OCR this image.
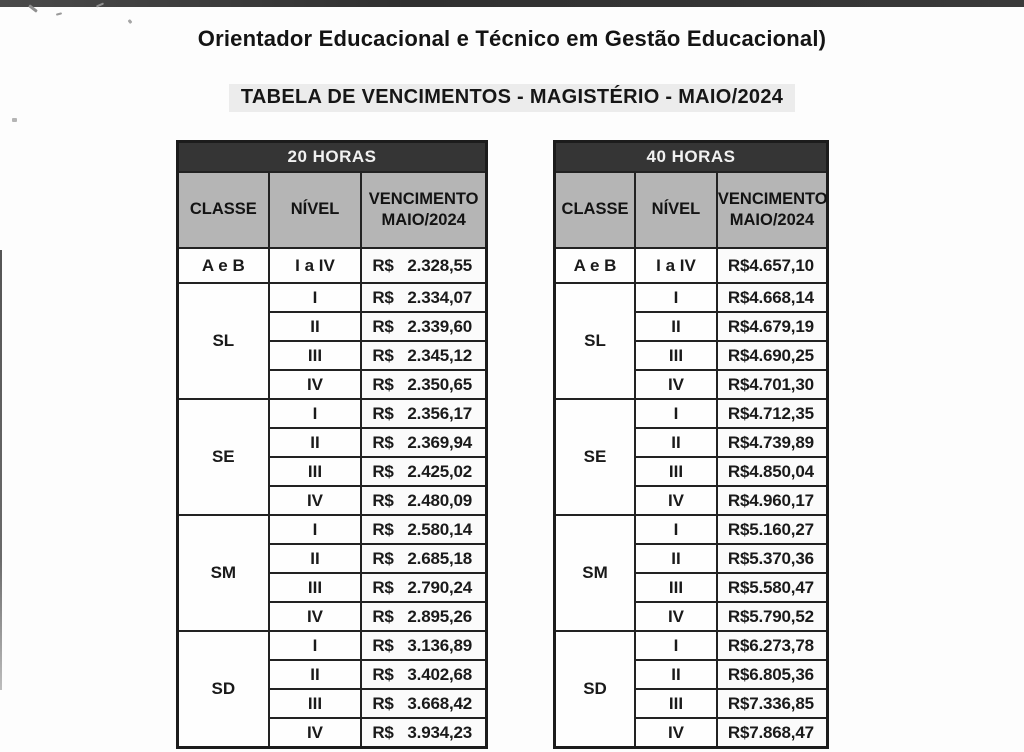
Orientador Educacional e Técnico em Gestão Educacional)
TABELA DE VENCIMENTOS - MAGISTÉRIO - MAIO/2024
20 HORAS		
CLASSE	NÍVEL	VENCIMENTO
MAIO/2024

A e B	I a IV	R$ 2.328,55

SL	I	R$ 2.334,07

	II	R$ 2.339,60

	III	R$ 2.345,12

	IV	R$ 2.350,65

SE	I	R$ 2.356,17

	II	R$ 2.369,94

	III	R$ 2.425,02

	IV	R$ 2.480,09

SM	I	R$ 2.580,14

	II	R$ 2.685,18

	III	R$ 2.790,24

	IV	R$ 2.895,26

SD	I	R$ 3.136,89

	II	R$ 3.402,68

	III	R$ 3.668,42

	IV	R$ 3.934,23
40 HORAS		
CLASSE	NÍVEL	VENCIMENTO
MAIO/2024

A e B	I a IV	R$ 4.657,10

SL	I	R$ 4.668,14

	II	R$ 4.679,19

	III	R$ 4.690,25

	IV	R$ 4.701,30

SE	I	R$ 4.712,35

	II	R$ 4.739,89

	III	R$ 4.850,04

	IV	R$ 4.960,17

SM	I	R$ 5.160,27

	II	R$ 5.370,36

	III	R$ 5.580,47

	IV	R$ 5.790,52

SD	I	R$ 6.273,78

	II	R$ 6.805,36

	III	R$ 7.336,85

	IV	R$ 7.868,47
